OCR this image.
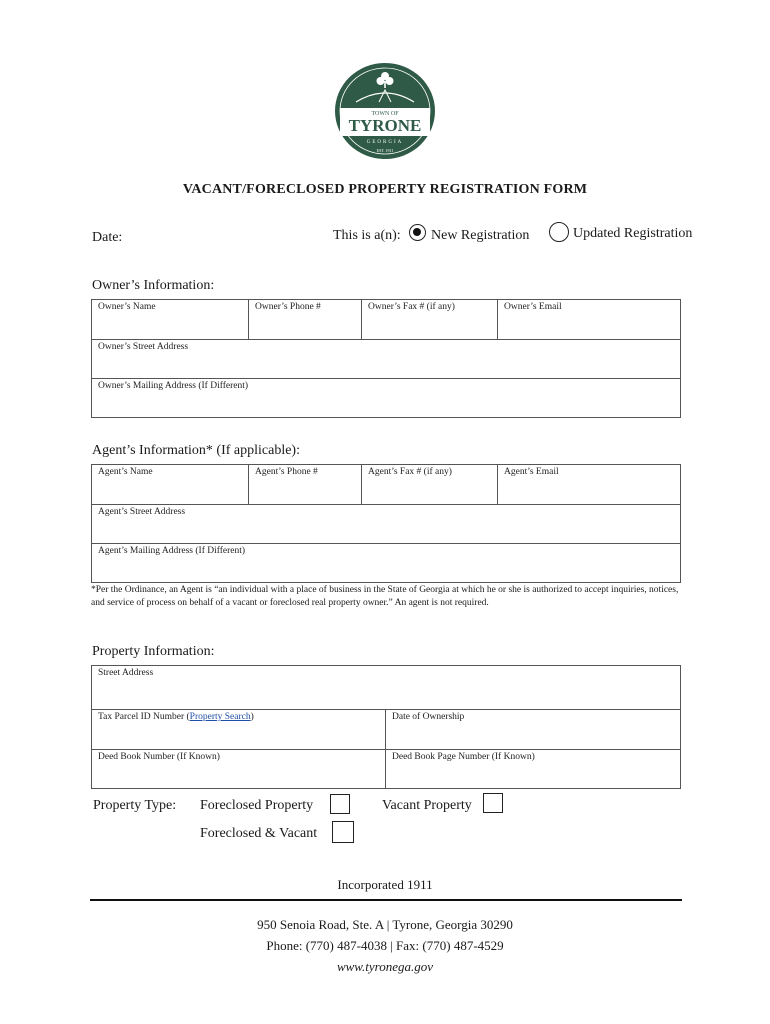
TOWN OF
TYRONE
GEORGIA
EST. 1911
VACANT/FORECLOSED PROPERTY REGISTRATION FORM
Date:	This is a(n): New Registration	Updated Registration
Owner’s Information:
Owner’s Name	Owner’s Phone #	Owner’s Fax # (if any)	Owner’s Email
Owner’s Street Address
Owner’s Mailing Address (If Different)
Agent’s Information* (If applicable):
Agent’s Name	Agent’s Phone #	Agent’s Fax # (if any)	Agent’s Email
Agent’s Street Address
Agent’s Mailing Address (If Different)
*Per the Ordinance, an Agent is “an individual with a place of business in the State of Georgia at which he or she is authorized to accept inquiries, notices, and service of process on behalf of a vacant or foreclosed real property owner.” An agent is not required.
Property Information:
Street Address	
Tax Parcel ID Number (Property Search)	Date of Ownership
Deed Book Number (If Known)	Deed Book Page Number (If Known)
Property Type: Foreclosed Property	Vacant Property
Foreclosed & Vacant
Incorporated 1911
950 Senoia Road, Ste. A | Tyrone, Georgia 30290
Phone: (770) 487-4038 | Fax: (770) 487-4529
www.tyronega.gov
